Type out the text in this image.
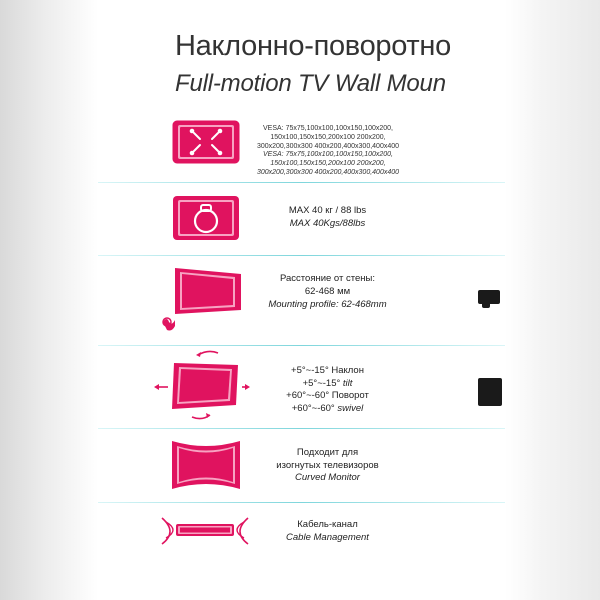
Наклонно-поворотно
Full-motion TV Wall Moun
VESA: 75x75,100x100,100x150,100x200,
150x100,150x150,200x100 200x200,
300x200,300x300 400x200,400x300,400x400
VESA: 75x75,100x100,100x150,100x200,
150x100,150x150,200x100 200x200,
300x200,300x300 400x200,400x300,400x400
MAX 40 кг / 88 lbs
MAX 40Kgs/88lbs
Расстояние от стены:
62-468 мм
Mounting profile: 62-468mm
+5°~-15° Наклон
+5°~-15° tilt
+60°~-60° Поворот
+60°~-60° swivel
Подходит для
изогнутых телевизоров
Curved Monitor
Кабель-канал
Cable Management
